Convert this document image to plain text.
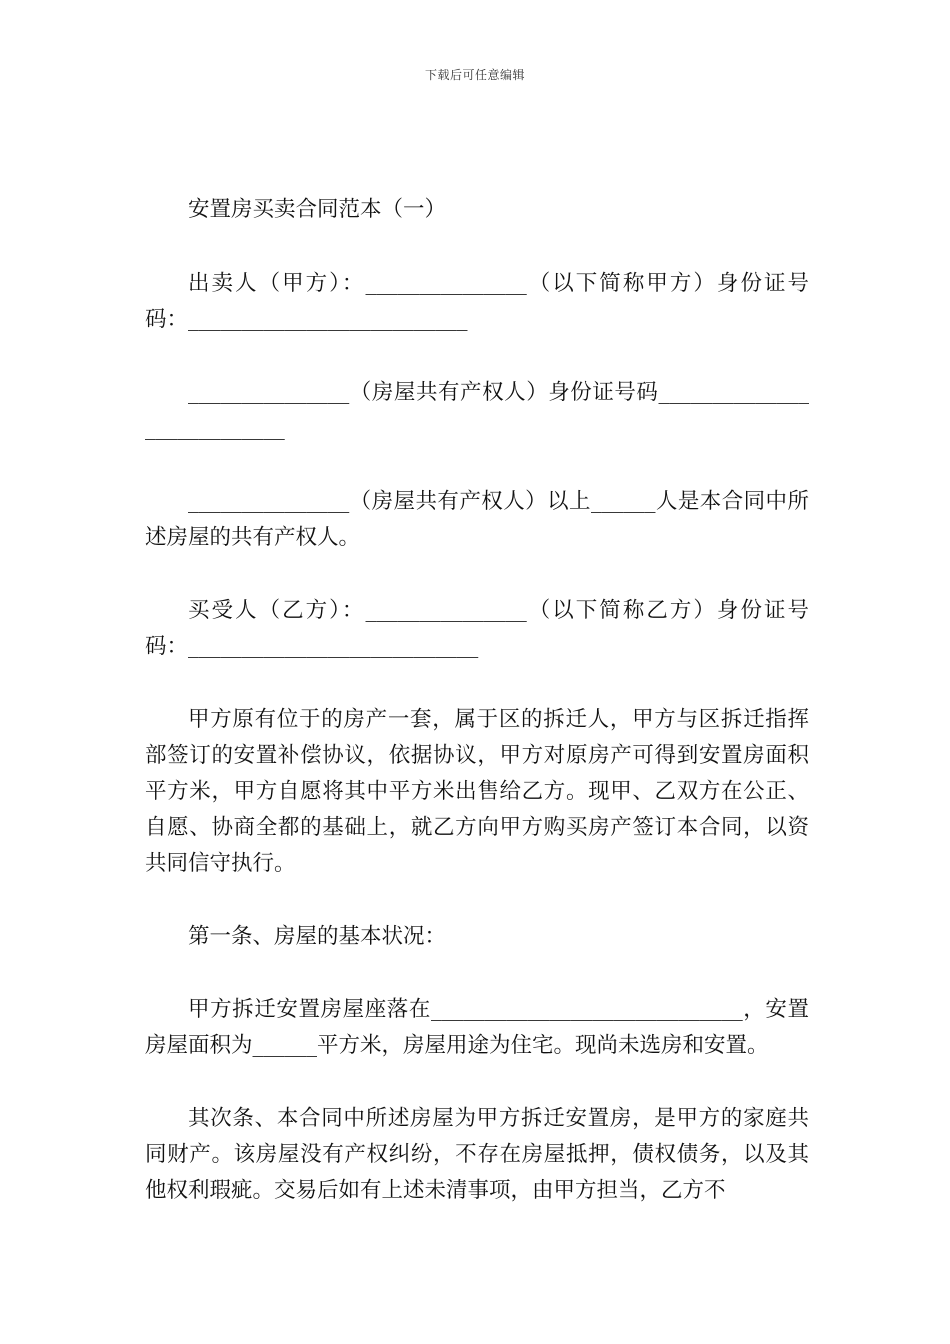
下载后可任意编辑

安置房买卖合同范本（一）

出卖人（甲方）：_______________（以下简称甲方）身份证号码：__________________________

_______________（房屋共有产权人）身份证号码___________________________

_______________（房屋共有产权人）以上______人是本合同中所述房屋的共有产权人。

买受人（乙方）：_______________（以下简称乙方）身份证号码：___________________________

甲方原有位于的房产一套，属于区的拆迁人，甲方与区拆迁指挥部签订的安置补偿协议，依据协议，甲方对原房产可得到安置房面积平方米，甲方自愿将其中平方米出售给乙方。现甲、乙双方在公正、自愿、协商全都的基础上，就乙方向甲方购买房产签订本合同，以资共同信守执行。

第一条、房屋的基本状况：

甲方拆迁安置房屋座落在_____________________________，安置房屋面积为______平方米，房屋用途为住宅。现尚未选房和安置。

其次条、本合同中所述房屋为甲方拆迁安置房，是甲方的家庭共同财产。该房屋没有产权纠纷，不存在房屋抵押，债权债务，以及其他权利瑕疵。交易后如有上述未清事项，由甲方担当，乙方不
